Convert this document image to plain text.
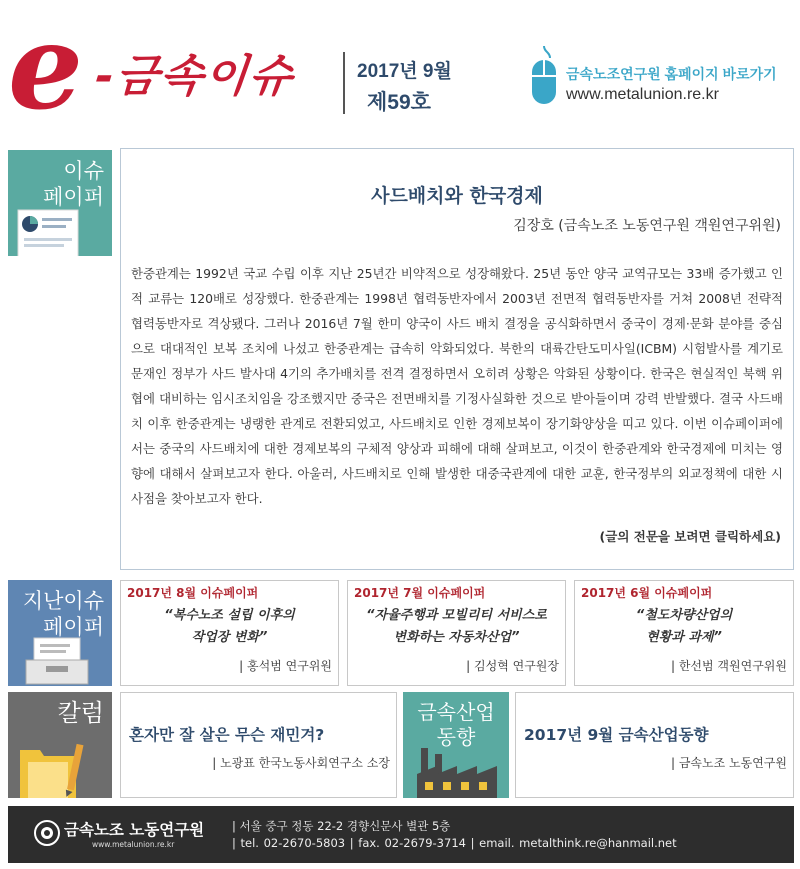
e -금속이슈	2017년 9월
제59호
금속노조연구원 홈페이지 바로가기
www.metalunion.re.kr
이슈
페이퍼	사드배치와 한국경제
김장호 (금속노조 노동연구원 객원연구위원)
한중관계는 1992년 국교 수립 이후 지난 25년간 비약적으로 성장해왔다. 25년 동안 양국 교역규모는 33배 증가했고 인적 교류는 120배로 성장했다. 한중관계는 1998년 협력동반자에서 2003년 전면적 협력동반자를 거쳐 2008년 전략적 협력동반자로 격상됐다. 그러나 2016년 7월 한미 양국이 사드 배치 결정을 공식화하면서 중국이 경제·문화 분야를 중심으로 대대적인 보복 조치에 나섰고 한중관계는 급속히 악화되었다. 북한의 대륙간탄도미사일(ICBM) 시험발사를 계기로 문재인 정부가 사드 발사대 4기의 추가배치를 전격 결정하면서 오히려 상황은 악화된 상황이다. 한국은 현실적인 북핵 위협에 대비하는 임시조치임을 강조했지만 중국은 전면배치를 기정사실화한 것으로 받아들이며 강력 반발했다. 결국 사드배치 이후 한중관계는 냉랭한 관계로 전환되었고, 사드배치로 인한 경제보복이 장기화양상을 띠고 있다. 이번 이슈페이퍼에서는 중국의 사드배치에 대한 경제보복의 구체적 양상과 피해에 대해 살펴보고, 이것이 한중관계와 한국경제에 미치는 영향에 대해서 살펴보고자 한다. 아울러, 사드배치로 인해 발생한 대중국관계에 대한 교훈, 한국정부의 외교정책에 대한 시사점을 찾아보고자 한다.
(글의 전문을 보려면 클릭하세요)
지난이슈
페이퍼
2017년 8월 이슈페이퍼
“복수노조 설립 이후의
작업장 변화”
| 홍석범 연구위원
2017년 7월 이슈페이퍼
“자율주행과 모빌리티 서비스로
변화하는 자동차산업”
| 김성혁 연구원장
2017년 6월 이슈페이퍼
“철도차량산업의
현황과 과제”
| 한선범 객원연구위원
칼럼
혼자만 잘 살은 무슨 재민겨?
| 노광표 한국노동사회연구소 소장
금속산업
동향	2017년 9월 금속산업동향
| 금속노조 노동연구원
금속노조 노동연구원
www.metalunion.re.kr
| 서울 중구 정동 22-2 경향신문사 별관 5층
| tel. 02-2670-5803 | fax. 02-2679-3714 | email. metalthink.re@hanmail.net
